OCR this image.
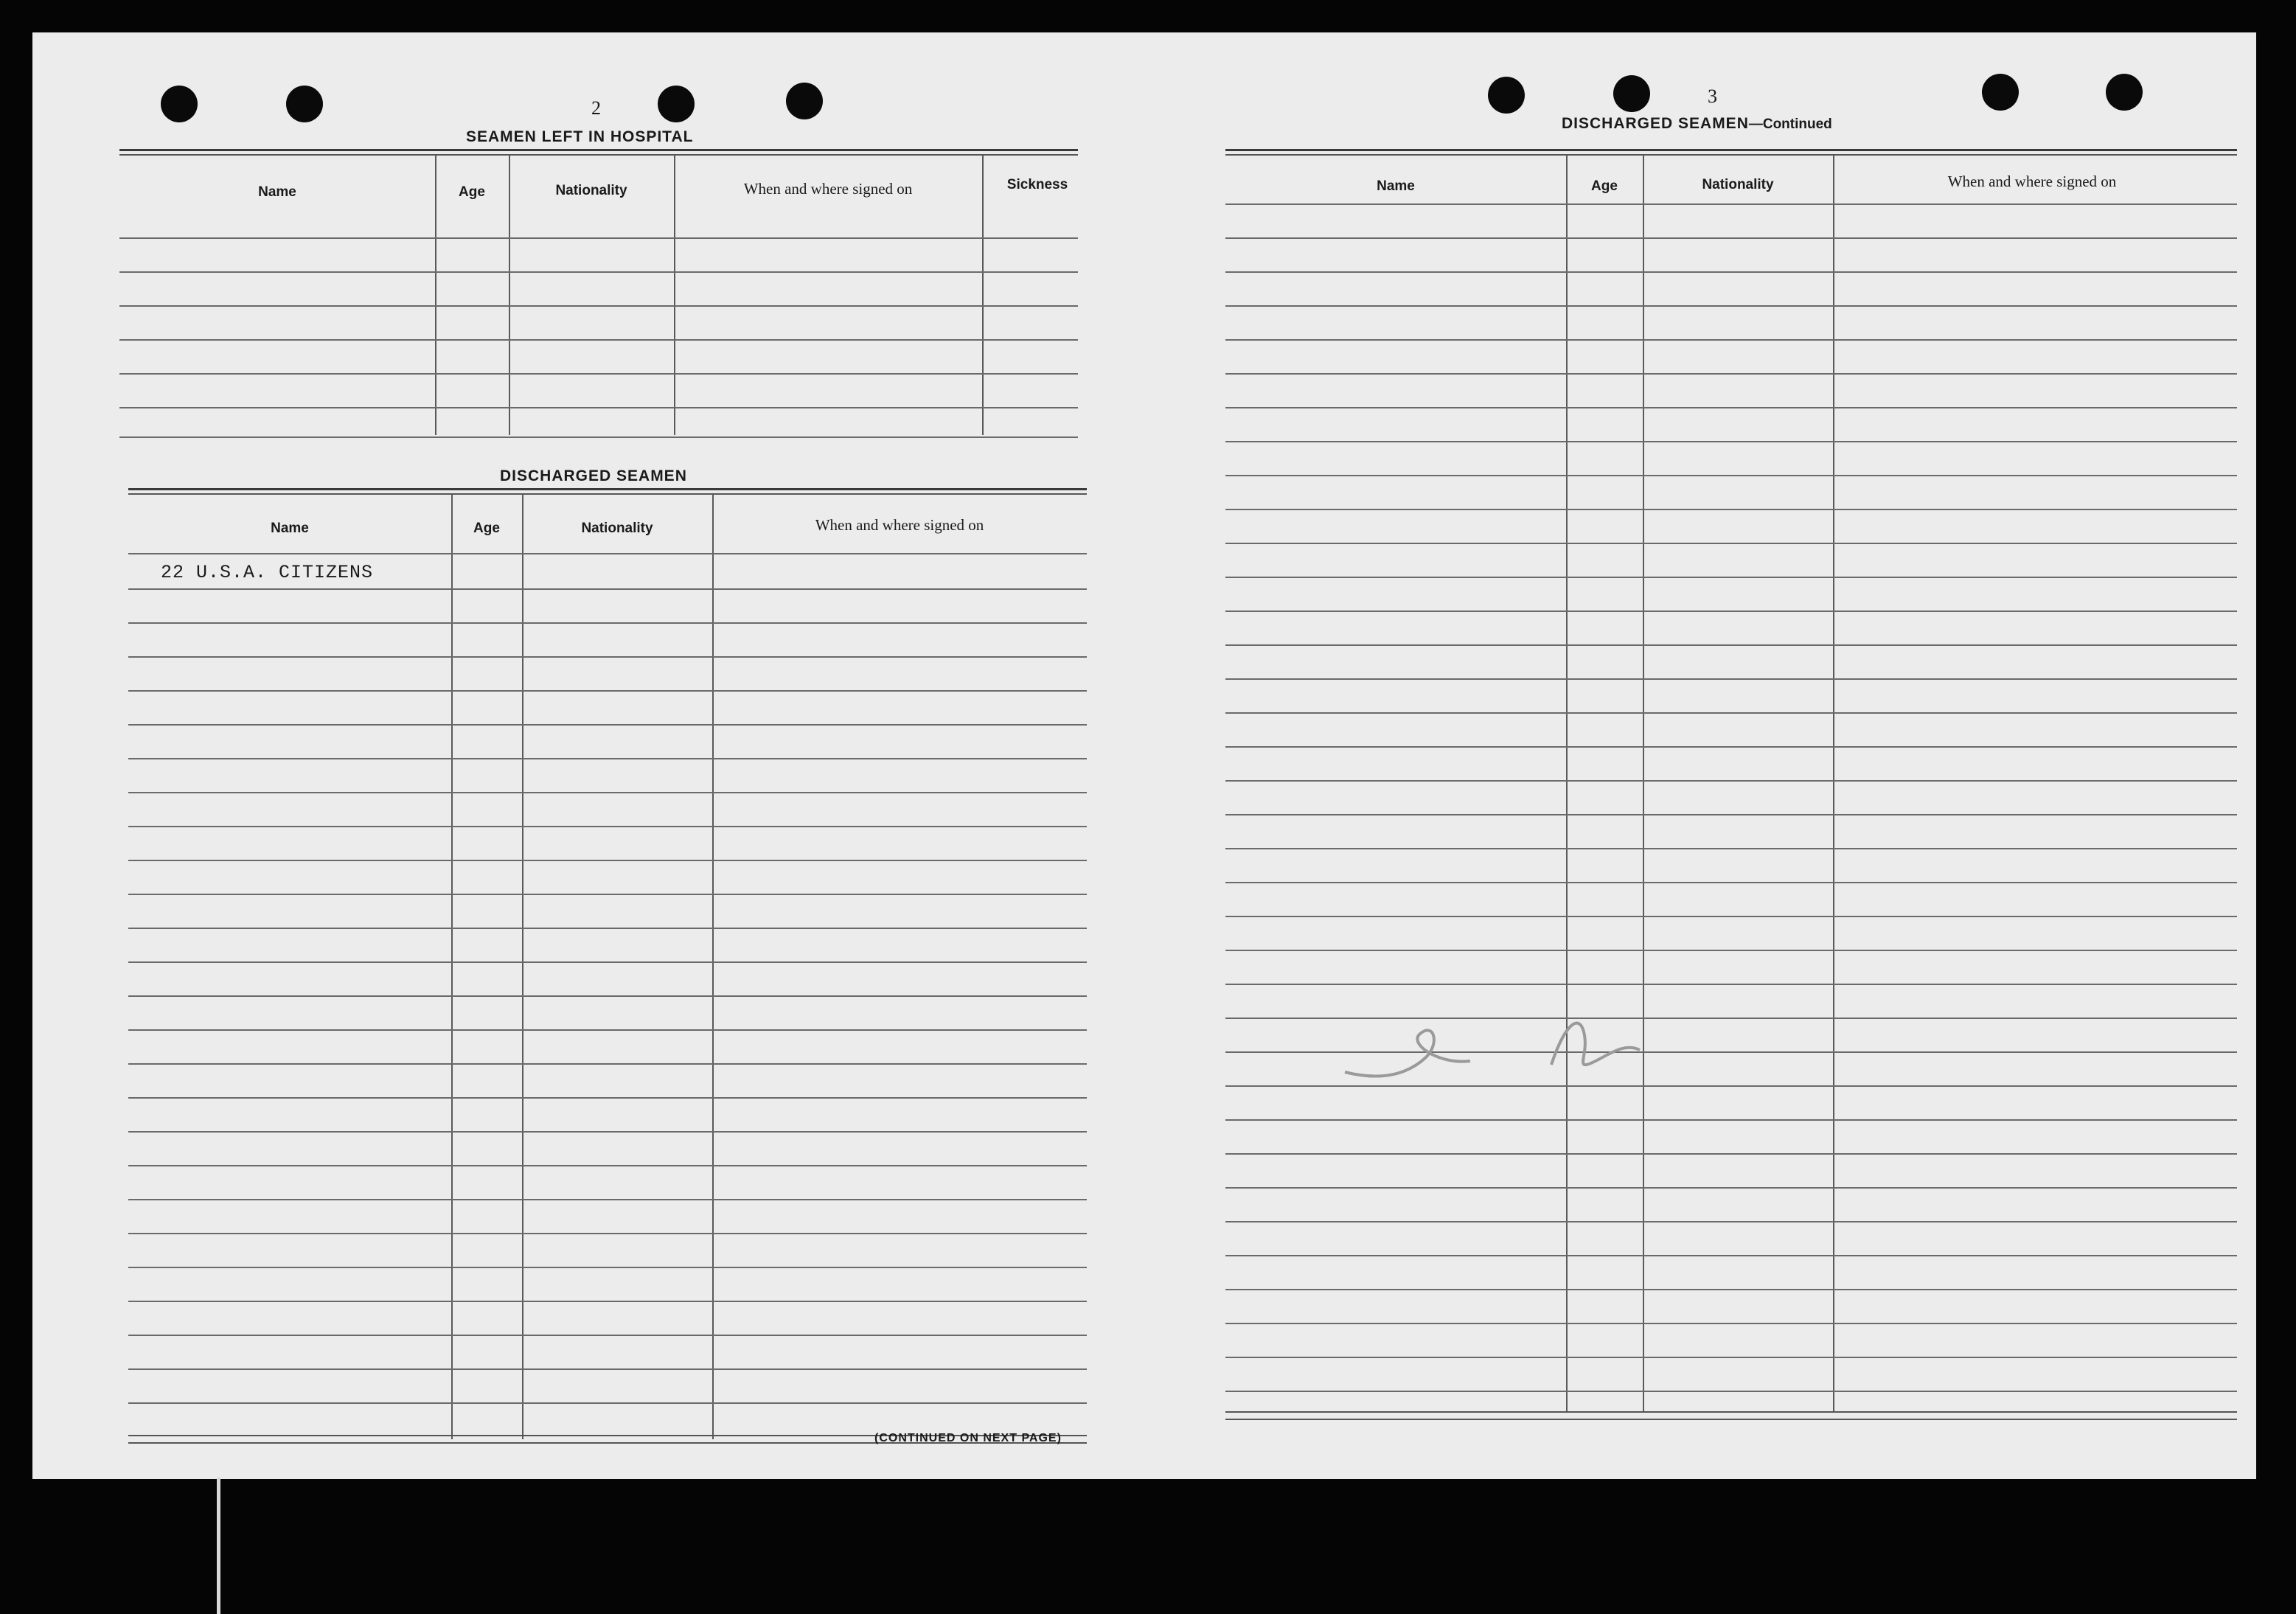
2
SEAMEN LEFT IN HOSPITAL
Name	Age	Nationality	When and where signed on	Sickness
DISCHARGED SEAMEN
Name	Age	Nationality	When and where signed on
22 U.S.A. CITIZENS
(CONTINUED ON NEXT PAGE)
3
DISCHARGED SEAMEN—Continued
Name	Age	Nationality	When and where signed on
